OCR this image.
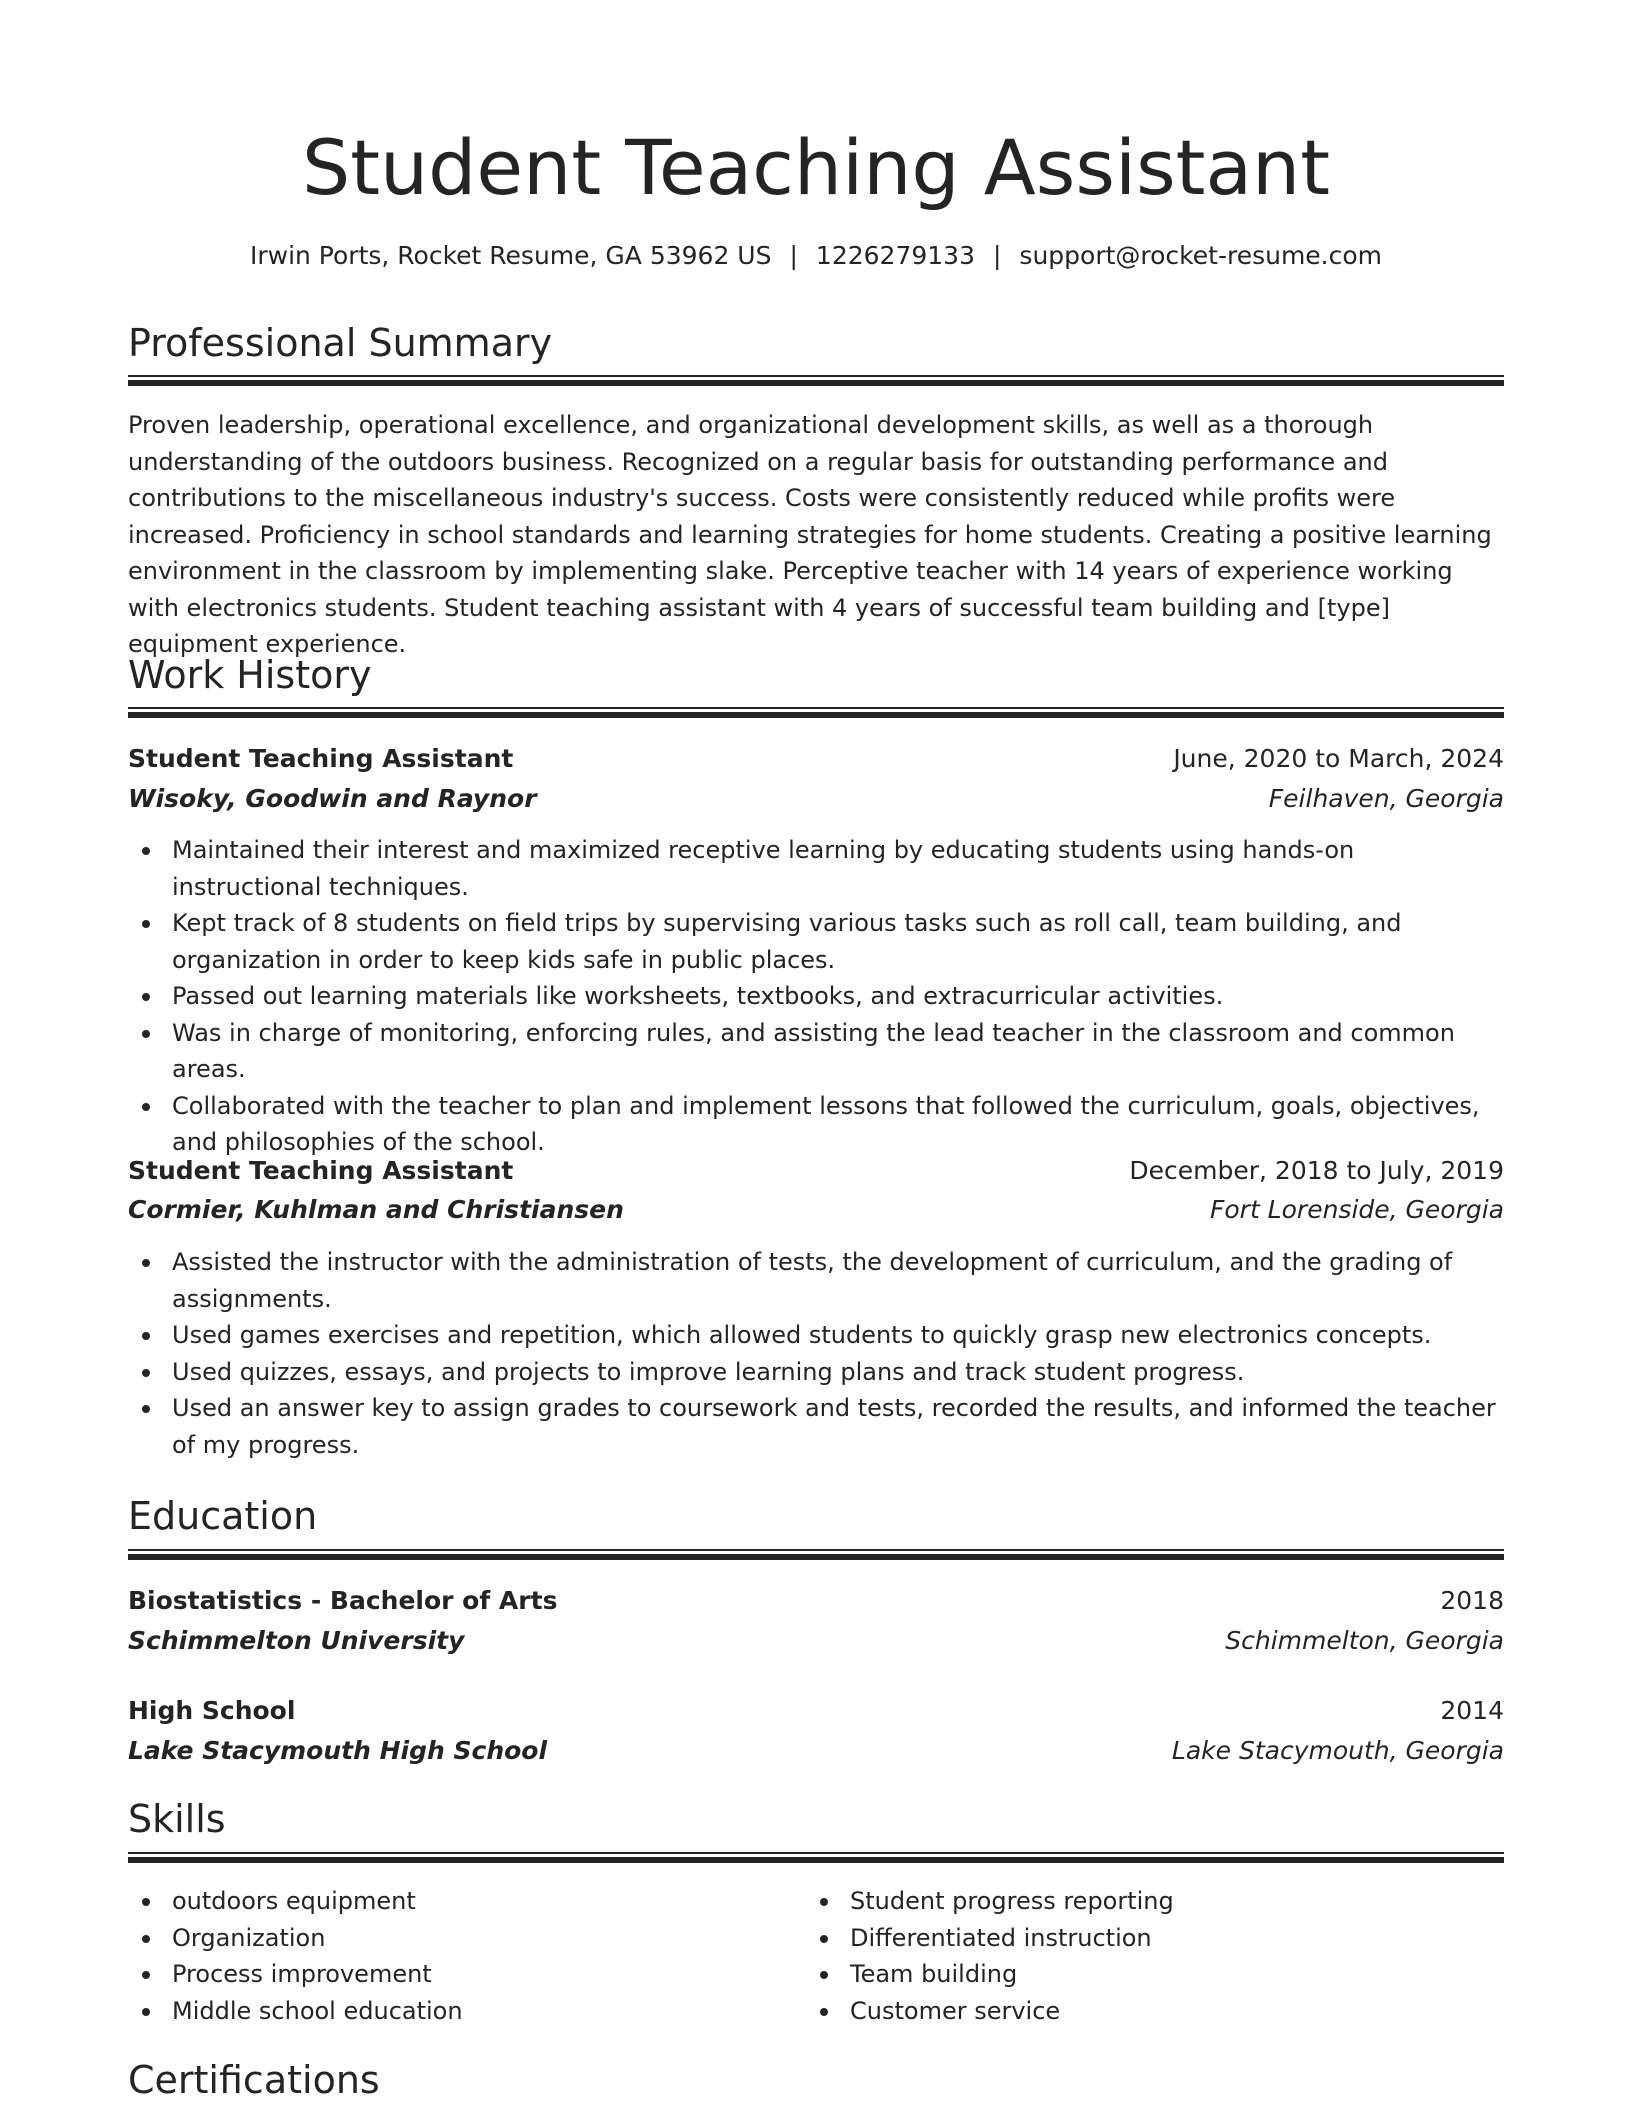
Student Teaching Assistant
Irwin Ports, Rocket Resume, GA 53962 US | 1226279133 | support@rocket-resume.com
Professional Summary

Proven leadership, operational excellence, and organizational development skills, as well as a thorough understanding of the outdoors business. Recognized on a regular basis for outstanding performance and contributions to the miscellaneous industry's success. Costs were consistently reduced while profits were increased. Proficiency in school standards and learning strategies for home students. Creating a positive learning environment in the classroom by implementing slake. Perceptive teacher with 14 years of experience working with electronics students. Student teaching assistant with 4 years of successful team building and [type] equipment experience.

Work History
Student Teaching Assistant	June, 2020 to March, 2024
Wisoky, Goodwin and Raynor	Feilhaven, Georgia
Maintained their interest and maximized receptive learning by educating students using hands-on instructional techniques.
Kept track of 8 students on field trips by supervising various tasks such as roll call, team building, and organization in order to keep kids safe in public places.
Passed out learning materials like worksheets, textbooks, and extracurricular activities.
Was in charge of monitoring, enforcing rules, and assisting the lead teacher in the classroom and common areas.
Collaborated with the teacher to plan and implement lessons that followed the curriculum, goals, objectives, and philosophies of the school.
Student Teaching Assistant	December, 2018 to July, 2019
Cormier, Kuhlman and Christiansen	Fort Lorenside, Georgia
Assisted the instructor with the administration of tests, the development of curriculum, and the grading of assignments.
Used games exercises and repetition, which allowed students to quickly grasp new electronics concepts.
Used quizzes, essays, and projects to improve learning plans and track student progress.
Used an answer key to assign grades to coursework and tests, recorded the results, and informed the teacher of my progress.
Education
Biostatistics - Bachelor of Arts	2018
Schimmelton University	Schimmelton, Georgia
High School	2014
Lake Stacymouth High School	Lake Stacymouth, Georgia
Skills
outdoors equipment
Organization
Process improvement
Middle school education
Student progress reporting
Differentiated instruction
Team building
Customer service
Certifications
